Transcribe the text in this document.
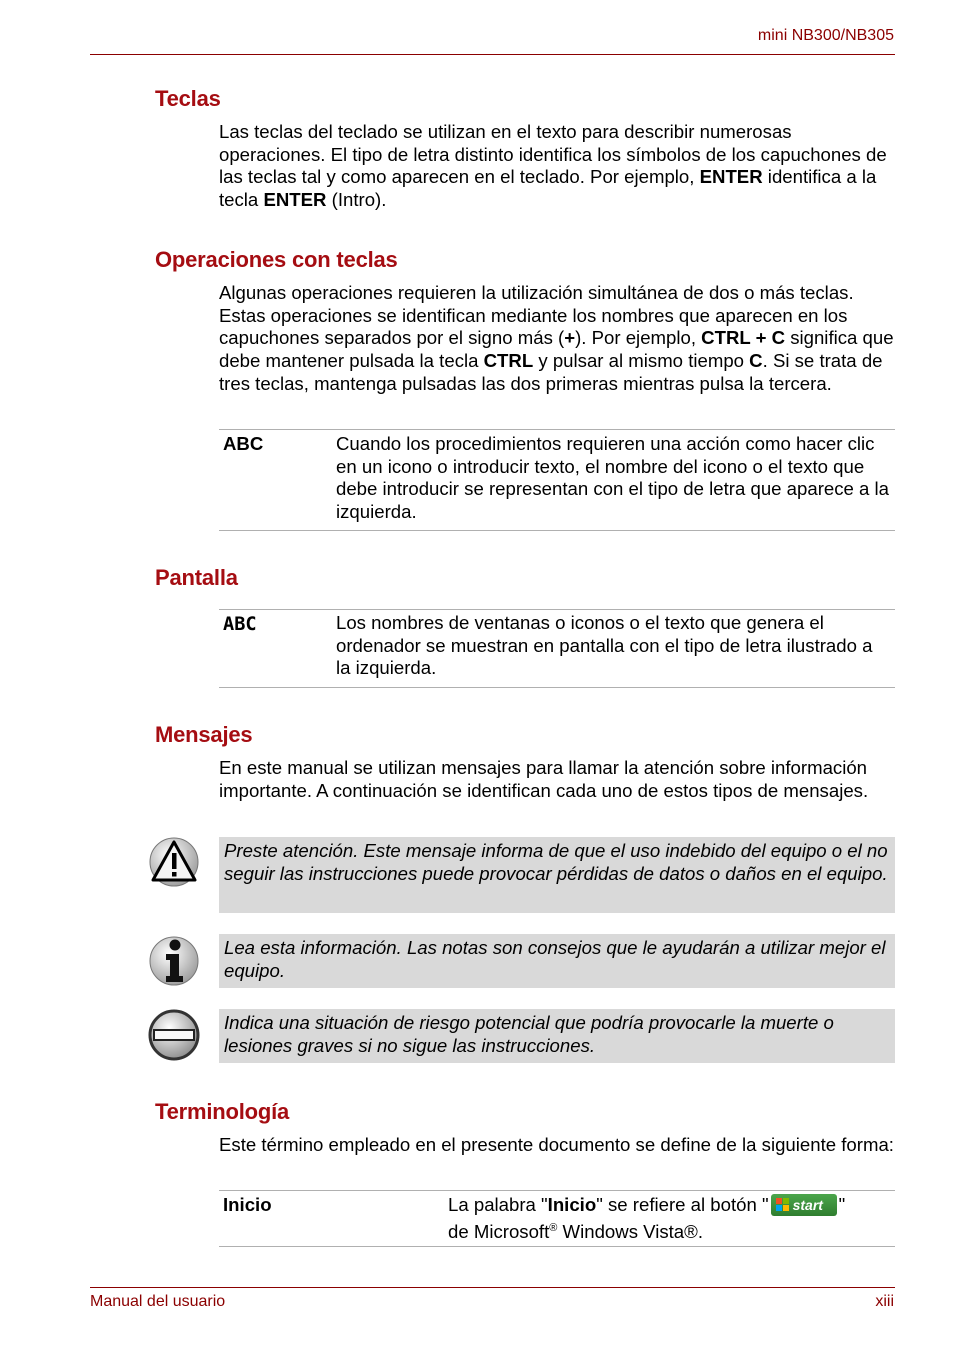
mini NB300/NB305
Teclas

Las teclas del teclado se utilizan en el texto para describir numerosas operaciones. El tipo de letra distinto identifica los símbolos de los capuchones de las teclas tal y como aparecen en el teclado. Por ejemplo, ENTER identifica a la tecla ENTER (Intro).

Operaciones con teclas

Algunas operaciones requieren la utilización simultánea de dos o más teclas. Estas operaciones se identifican mediante los nombres que aparecen en los capuchones separados por el signo más (+). Por ejemplo, CTRL + C significa que debe mantener pulsada la tecla CTRL y pulsar al mismo tiempo C. Si se trata de tres teclas, mantenga pulsadas las dos primeras mientras pulsa la tercera.

ABC	Cuando los procedimientos requieren una acción como hacer clic en un icono o introducir texto, el nombre del icono o el texto que debe introducir se representan con el tipo de letra que aparece a la izquierda.
Pantalla
ABC	Los nombres de ventanas o iconos o el texto que genera el ordenador se muestran en pantalla con el tipo de letra ilustrado a la izquierda.
Mensajes

En este manual se utilizan mensajes para llamar la atención sobre información importante. A continuación se identifican cada uno de estos tipos de mensajes.

Preste atención. Este mensaje informa de que el uso indebido del equipo o el no seguir las instrucciones puede provocar pérdidas de datos o daños en el equipo.
Lea esta información. Las notas son consejos que le ayudarán a utilizar mejor el equipo.
Indica una situación de riesgo potencial que podría provocarle la muerte o lesiones graves si no sigue las instrucciones.
Terminología

Este término empleado en el presente documento se define de la siguiente forma:

Inicio	La palabra "Inicio" se refiere al botón " start "
de Microsoft® Windows Vista®.
Manual del usuario	xiii
